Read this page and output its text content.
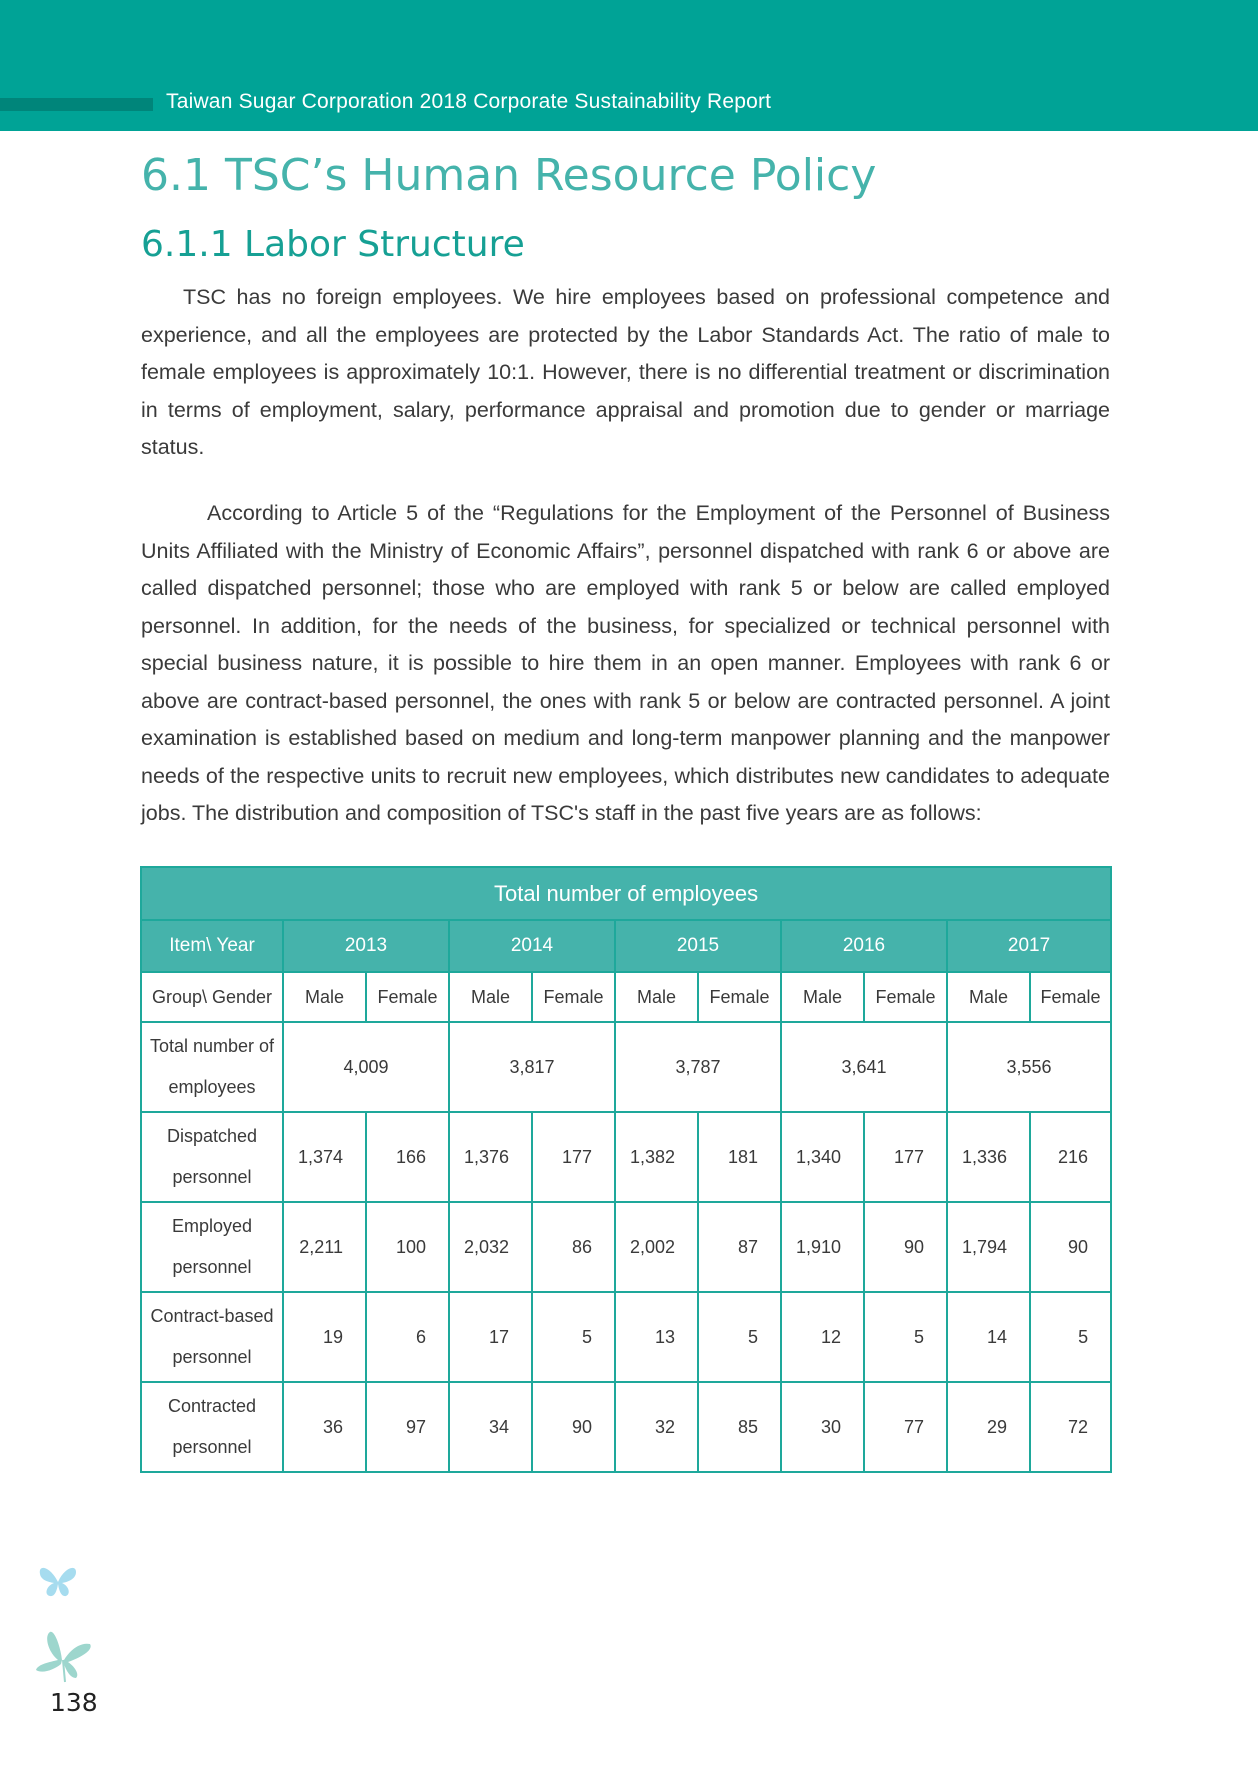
Taiwan Sugar Corporation 2018 Corporate Sustainability Report
6.1 TSC’s Human Resource Policy
6.1.1 Labor Structure

TSC has no foreign employees. We hire employees based on professional competence and experience, and all the employees are protected by the Labor Standards Act. The ratio of male to female employees is approximately 10:1. However, there is no differential treatment or discrimination in terms of employment, salary, performance appraisal and promotion due to gender or marriage status.

According to Article 5 of the “Regulations for the Employment of the Personnel of Business Units Affiliated with the Ministry of Economic Affairs”, personnel dispatched with rank 6 or above are called dispatched personnel; those who are employed with rank 5 or below are called employed personnel. In addition, for the needs of the business, for specialized or technical personnel with special business nature, it is possible to hire them in an open manner. Employees with rank 6 or above are contract-based personnel, the ones with rank 5 or below are contracted personnel. A joint examination is established based on medium and long-term manpower planning and the manpower needs of the respective units to recruit new employees, which distributes new candidates to adequate jobs. The distribution and composition of TSC's staff in the past five years are as follows:

Total number of employees										
Item\ Year	2013		2014		2015		2016		2017	
Group\ Gender	Male	Female	Male	Female	Male	Female	Male	Female	Male	Female
Total number of employees	4,009		3,817		3,787		3,641		3,556	
Dispatched personnel	1,374	166	1,376	177	1,382	181	1,340	177	1,336	216
Employed personnel	2,211	100	2,032	86	2,002	87	1,910	90	1,794	90
Contract-based personnel	19	6	17	5	13	5	12	5	14	5
Contracted personnel	36	97	34	90	32	85	30	77	29	72
138
